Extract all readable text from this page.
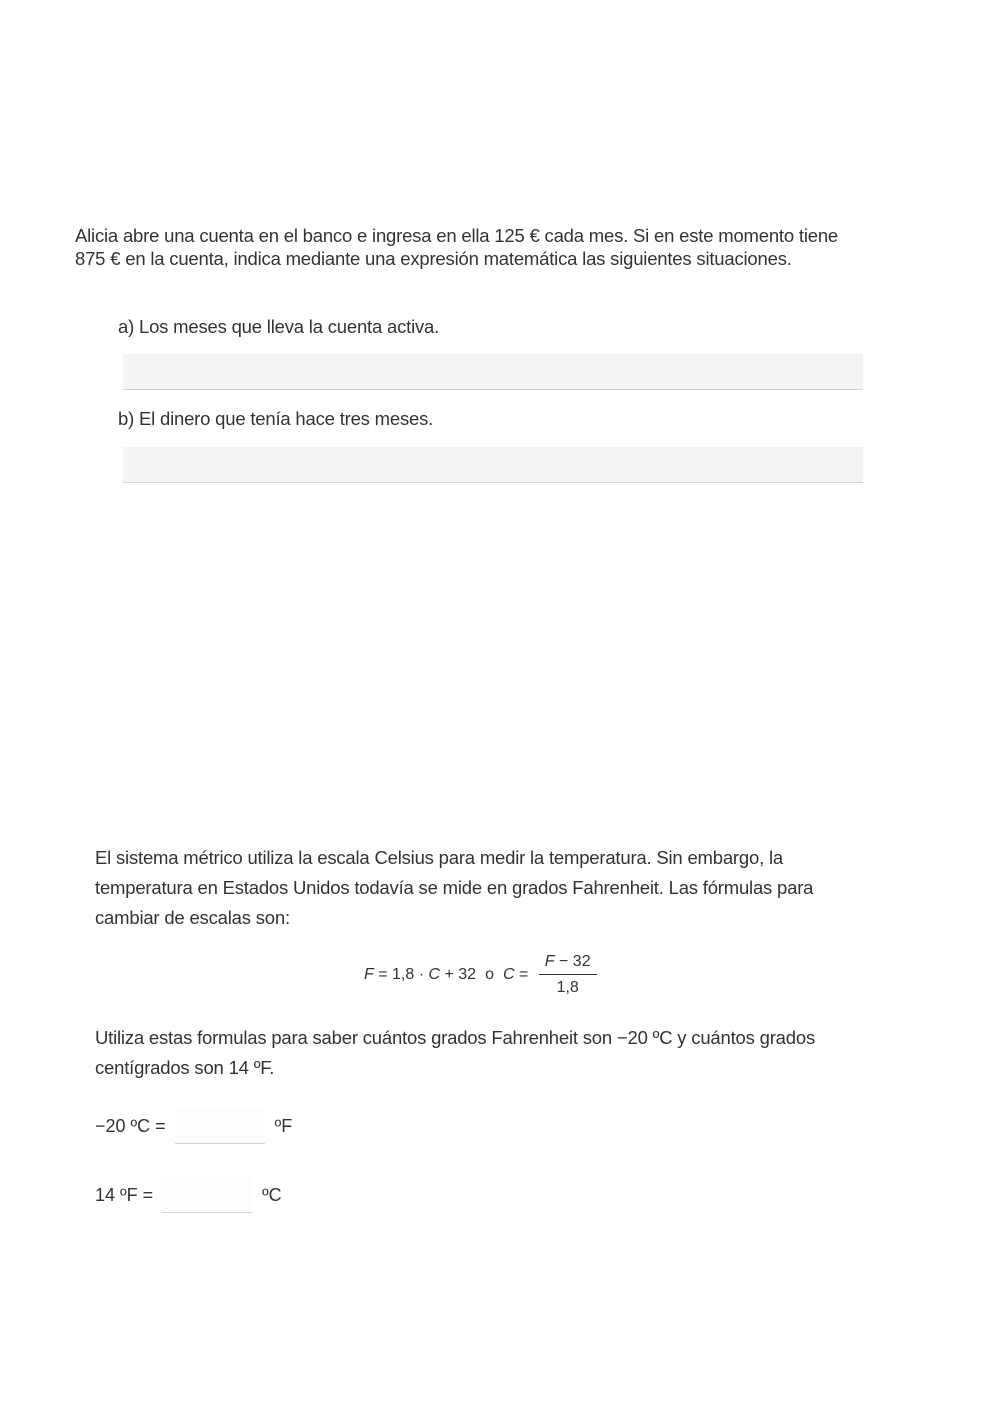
Alicia abre una cuenta en el banco e ingresa en ella 125 € cada mes. Si en este momento tiene 875 € en la cuenta, indica mediante una expresión matemática las siguientes situaciones.
a) Los meses que lleva la cuenta activa.
b) El dinero que tenía hace tres meses.
El sistema métrico utiliza la escala Celsius para medir la temperatura. Sin embargo, la temperatura en Estados Unidos todavía se mide en grados Fahrenheit. Las fórmulas para cambiar de escalas son:
F = 1,8 · C + 32 o $C = \frac{F - 32}{1,8}$
Utiliza estas formulas para saber cuántos grados Fahrenheit son −20 ºC y cuántos grados centígrados son 14 ºF.
−20 ºC =	ºF
14 ºF =	ºC
